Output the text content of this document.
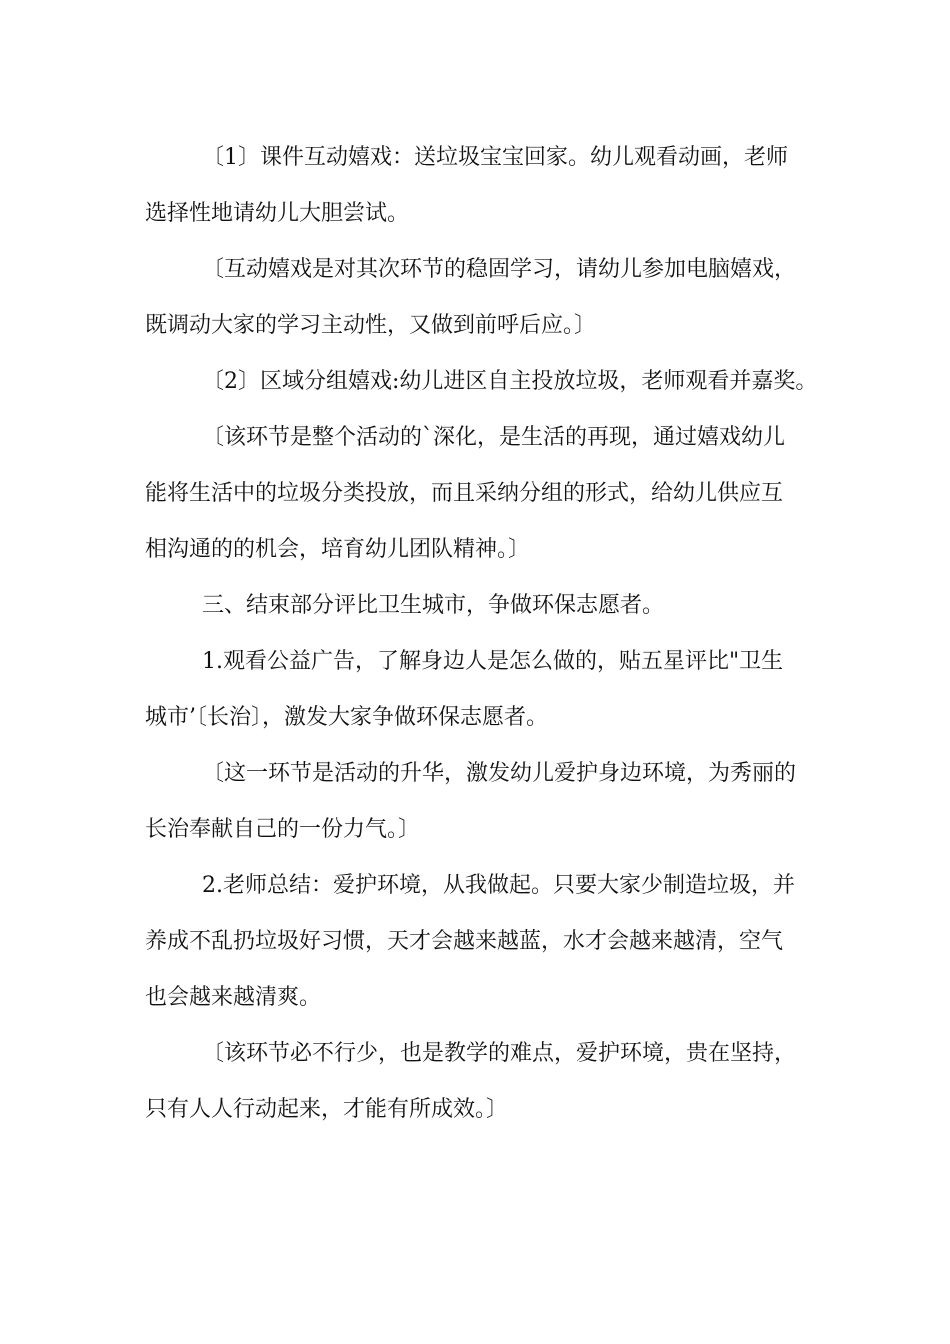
〔1〕课件互动嬉戏：送垃圾宝宝回家。幼儿观看动画，老师
选择性地请幼儿大胆尝试。

〔互动嬉戏是对其次环节的稳固学习，请幼儿参加电脑嬉戏，
既调动大家的学习主动性，又做到前呼后应。〕

〔2〕区域分组嬉戏:幼儿进区自主投放垃圾，老师观看并嘉奖。

〔该环节是整个活动的`深化，是生活的再现，通过嬉戏幼儿
能将生活中的垃圾分类投放，而且采纳分组的形式，给幼儿供应互
相沟通的的机会，培育幼儿团队精神。〕

三、结束部分评比卫生城市，争做环保志愿者。

1.观看公益广告，了解身边人是怎么做的，贴五星评比"卫生
城市’〔长治〕，激发大家争做环保志愿者。

〔这一环节是活动的升华，激发幼儿爱护身边环境，为秀丽的
长治奉献自己的一份力气。〕

2.老师总结：爱护环境，从我做起。只要大家少制造垃圾，并
养成不乱扔垃圾好习惯，天才会越来越蓝，水才会越来越清，空气
也会越来越清爽。

〔该环节必不行少，也是教学的难点，爱护环境，贵在坚持，
只有人人行动起来，才能有所成效。〕
